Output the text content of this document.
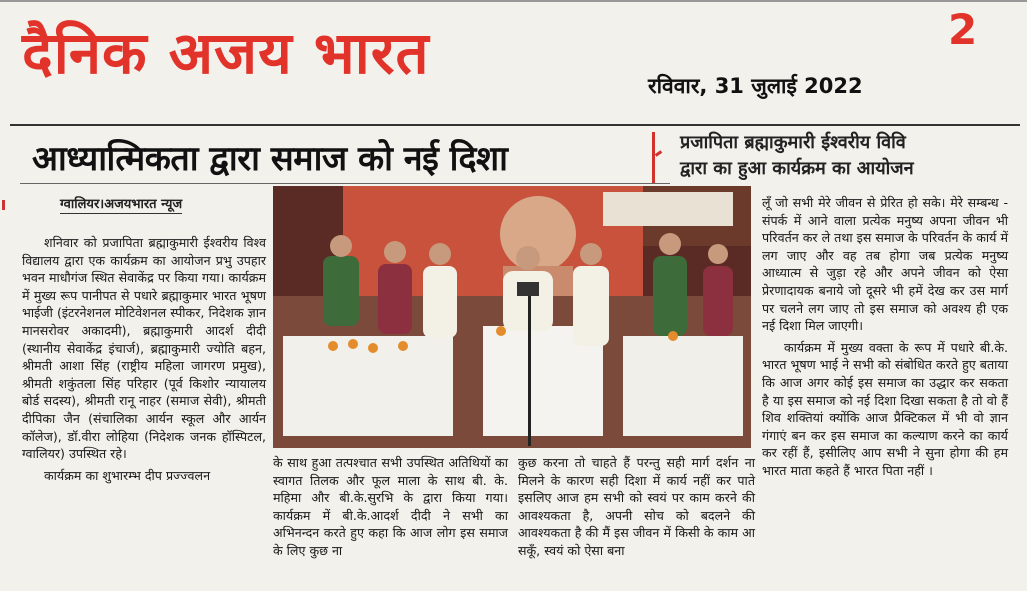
दैनिक अजय भारत	2
रविवार, 31 जुलाई 2022
आध्यात्मिकता द्वारा समाज को नई दिशा	प्रजापिता ब्रह्माकुमारी ईश्वरीय विवि
द्वारा का हुआ कार्यक्रम का आयोजन
ग्वालियर।अजयभारत न्यूज

शनिवार को प्रजापिता ब्रह्माकुमारी ईश्वरीय विश्व विद्यालय द्वारा एक कार्यक्रम का आयोजन प्रभु उपहार भवन माधौगंज स्थित सेवाकेंद्र पर किया गया। कार्यक्रम में मुख्य रूप पानीपत से पधारे ब्रह्माकुमार भारत भूषण भाईजी (इंटरनेशनल मोटिवेशनल स्पीकर, निदेशक ज्ञान मानसरोवर अकादमी), ब्रह्माकुमारी आदर्श दीदी (स्थानीय सेवाकेंद्र इंचार्ज), ब्रह्माकुमारी ज्योति बहन, श्रीमती आशा सिंह (राष्ट्रीय महिला जागरण प्रमुख), श्रीमती शकुंतला सिंह परिहार (पूर्व किशोर न्यायालय बोर्ड सदस्य), श्रीमती रानू नाहर (समाज सेवी), श्रीमती दीपिका जैन (संचालिका आर्यन स्कूल और आर्यन कॉलेज), डॉ.वीरा लोहिया (निदेशक जनक हॉस्पिटल, ग्वालियर) उपस्थित रहे।

कार्यक्रम का शुभारम्भ दीप प्रज्ज्वलन

के साथ हुआ तत्पश्चात सभी उपस्थित अतिथियों का स्वागत तिलक और फूल माला के साथ बी. के. महिमा और बी.के.सुरभि के द्वारा किया गया। कार्यक्रम में बी.के.आदर्श दीदी ने सभी का अभिनन्दन करते हुए कहा कि आज लोग इस समाज के लिए कुछ ना
कुछ करना तो चाहते हैं परन्तु सही मार्ग दर्शन ना मिलने के कारण सही दिशा में कार्य नहीं कर पाते इसलिए आज हम सभी को स्वयं पर काम करने की आवश्यकता है, अपनी सोच को बदलने की आवश्यकता है की मैं इस जीवन में किसी के काम आ सकूँ, स्वयं को ऐसा बना

लूँ जो सभी मेरे जीवन से प्रेरित हो सके। मेरे सम्बन्ध - संपर्क में आने वाला प्रत्येक मनुष्य अपना जीवन भी परिवर्तन कर ले तथा इस समाज के परिवर्तन के कार्य में लग जाए और वह तब होगा जब प्रत्येक मनुष्य आध्यात्म से जुड़ा रहे और अपने जीवन को ऐसा प्रेरणादायक बनाये जो दूसरे भी हमें देख कर उस मार्ग पर चलने लग जाए तो इस समाज को अवश्य ही एक नई दिशा मिल जाएगी।

कार्यक्रम में मुख्य वक्ता के रूप में पधारे बी.के. भारत भूषण भाई ने सभी को संबोधित करते हुए बताया कि आज अगर कोई इस समाज का उद्धार कर सकता है या इस समाज को नई दिशा दिखा सकता है तो वो हैं शिव शक्तियां क्योंकि आज प्रैक्टिकल में भी वो ज्ञान गंगाएं बन कर इस समाज का कल्याण करने का कार्य कर रहीं हैं, इसीलिए आप सभी ने सुना होगा की हम भारत माता कहते हैं भारत पिता नहीं ।
